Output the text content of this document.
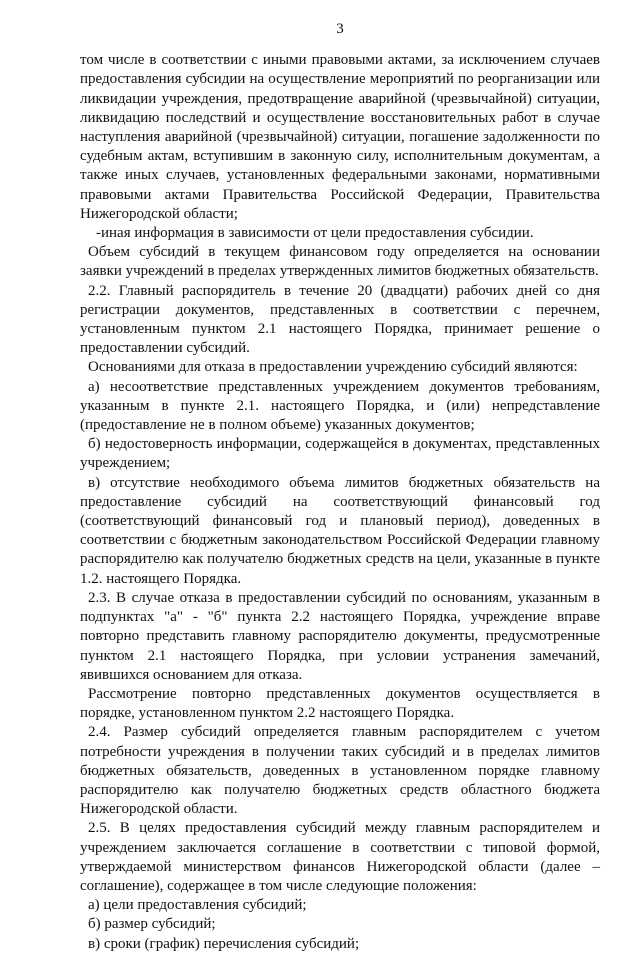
3

том числе в соответствии с иными правовыми актами, за исключением случаев предоставления субсидии на осуществление мероприятий по реорганизации или ликвидации учреждения, предотвращение аварийной (чрезвычайной) ситуации, ликвидацию последствий и осуществление восстановительных работ в случае наступления аварийной (чрезвычайной) ситуации, погашение задолженности по судебным актам, вступившим в законную силу, исполнительным документам, а также иных случаев, установленных федеральными законами, нормативными правовыми актами Правительства Российской Федерации, Правительства Нижегородской области;

-иная информация в зависимости от цели предоставления субсидии.

Объем субсидий в текущем финансовом году определяется на основании заявки учреждений в пределах утвержденных лимитов бюджетных обязательств.

2.2. Главный распорядитель в течение 20 (двадцати) рабочих дней со дня регистрации документов, представленных в соответствии с перечнем, установленным пунктом 2.1 настоящего Порядка, принимает решение о предоставлении субсидий.

Основаниями для отказа в предоставлении учреждению субсидий являются:

а) несоответствие представленных учреждением документов требованиям, указанным в пункте 2.1. настоящего Порядка, и (или) непредставление (предоставление не в полном объеме) указанных документов;

б) недостоверность информации, содержащейся в документах, представленных учреждением;

в) отсутствие необходимого объема лимитов бюджетных обязательств на предоставление субсидий на соответствующий финансовый год (соответствующий финансовый год и плановый период), доведенных в соответствии с бюджетным законодательством Российской Федерации главному распорядителю как получателю бюджетных средств на цели, указанные в пункте 1.2. настоящего Порядка.

2.3. В случае отказа в предоставлении субсидий по основаниям, указанным в подпунктах "а" - "б" пункта 2.2 настоящего Порядка, учреждение вправе повторно представить главному распорядителю документы, предусмотренные пунктом 2.1 настоящего Порядка, при условии устранения замечаний, явившихся основанием для отказа.

Рассмотрение повторно представленных документов осуществляется в порядке, установленном пунктом 2.2 настоящего Порядка.

2.4. Размер субсидий определяется главным распорядителем с учетом потребности учреждения в получении таких субсидий и в пределах лимитов бюджетных обязательств, доведенных в установленном порядке главному распорядителю как получателю бюджетных средств областного бюджета Нижегородской области.

2.5. В целях предоставления субсидий между главным распорядителем и учреждением заключается соглашение в соответствии с типовой формой, утверждаемой министерством финансов Нижегородской области (далее – соглашение), содержащее в том числе следующие положения:

а) цели предоставления субсидий;

б) размер субсидий;

в) сроки (график) перечисления субсидий;
